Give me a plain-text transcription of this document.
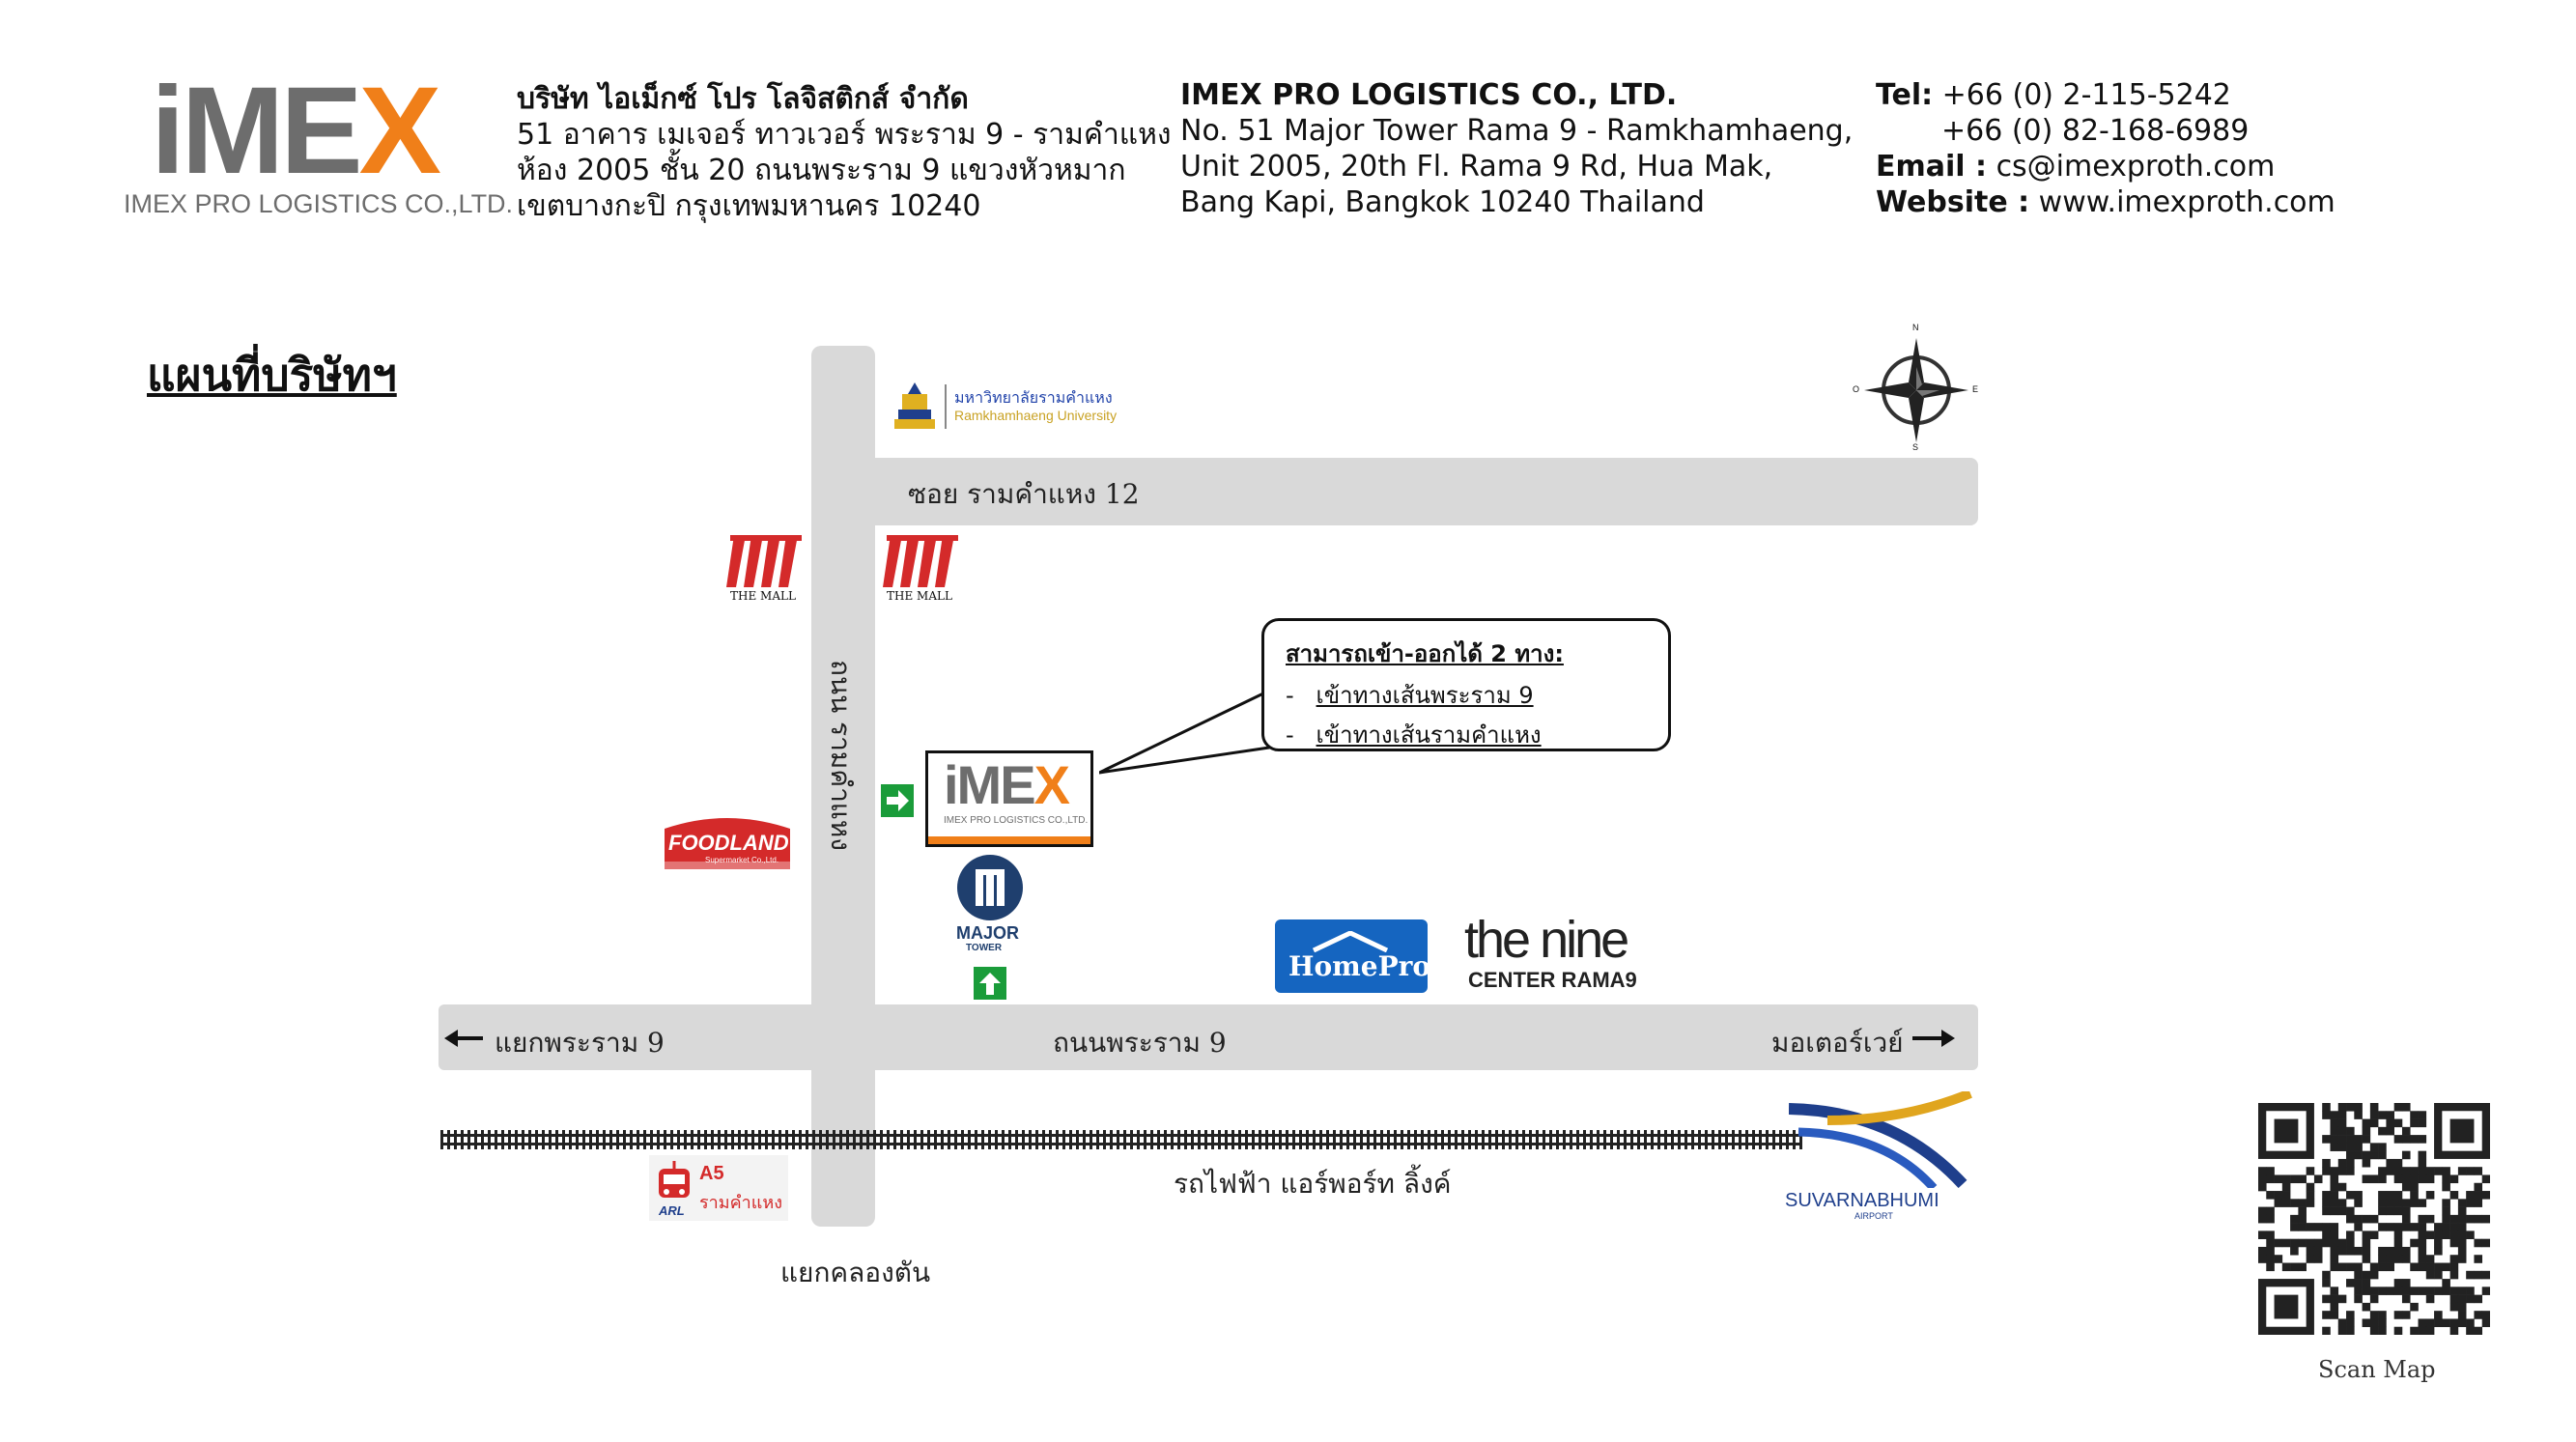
iMEX
IMEX PRO LOGISTICS CO.,LTD.
บริษัท ไอเม็กซ์ โปร โลจิสติกส์ จำกัด
51 อาคาร เมเจอร์ ทาวเวอร์ พระราม 9 - รามคำแหง
ห้อง 2005 ชั้น 20 ถนนพระราม 9 แขวงหัวหมาก
เขตบางกะปิ กรุงเทพมหานคร 10240
IMEX PRO LOGISTICS CO., LTD.
No. 51 Major Tower Rama 9 - Ramkhamhaeng,
Unit 2005, 20th Fl. Rama 9 Rd, Hua Mak,
Bang Kapi, Bangkok 10240 Thailand
Tel: +66 (0) 2-115-5242
+66 (0) 82-168-6989
Email : cs@imexproth.com
Website : www.imexproth.com
แผนที่บริษัทฯ
ซอย รามคำแหง 12
ถนน รามคำแหง
ถนนพระราม 9
แยกพระราม 9	มอเตอร์เวย์
รถไฟฟ้า แอร์พอร์ท ลิ้งค์
แยกคลองตัน
มหาวิทยาลัยรามคำแหง
Ramkhamhaeng University
THE MALL	THE MALL
FOODLAND
Supermarket Co.,Ltd.
iMEX
IMEX PRO LOGISTICS CO.,LTD.
MAJOR
TOWER
HomePro the nine
CENTER RAMA9
SUVARNABHUMI
AIRPORT
ARL
A5
รามคำแหง
N
S
E
O
สามารถเข้า-ออกได้ 2 ทาง:
-   เข้าทางเส้นพระราม 9
-   เข้าทางเส้นรามคำแหง
Scan Map
